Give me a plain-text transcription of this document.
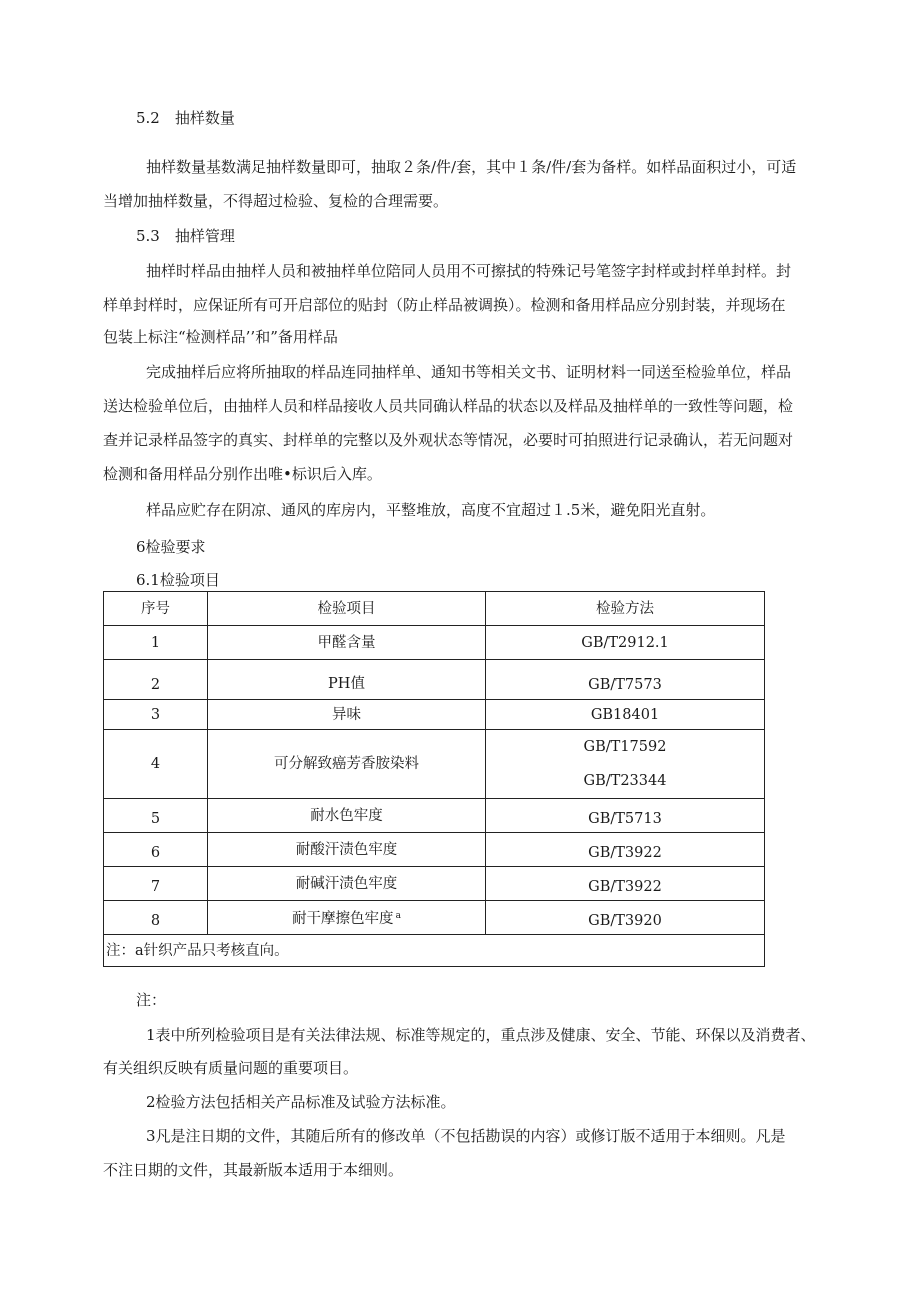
5.2　抽样数量
抽样数量基数满足抽样数量即可，抽取２条/件/套，其中１条/件/套为备样。如样品面积过小，可适
当增加抽样数量，不得超过检验、复检的合理需要。
5.3　抽样管理
抽样时样品由抽样人员和被抽样单位陪同人员用不可擦拭的特殊记号笔签字封样或封样单封样。封
样单封样时，应保证所有可开启部位的贴封（防止样品被调换）。检测和备用样品应分别封装，并现场在
包装上标注“检测样品’’和”备用样品
完成抽样后应将所抽取的样品连同抽样单、通知书等相关文书、证明材料一同送至检验单位，样品
送达检验单位后，由抽样人员和样品接收人员共同确认样品的状态以及样品及抽样单的一致性等问题，检
查并记录样品签字的真实、封样单的完整以及外观状态等情况，必要时可拍照进行记录确认，若无问题对
检测和备用样品分别作出唯•标识后入库。
样品应贮存在阴凉、通风的库房内，平整堆放，高度不宜超过１.5米，避免阳光直射。
6检验要求
6.1检验项目
序号	检验项目	检验方法
1	甲醛含量	GB/T2912.1
2	PH值	GB/T7573
3	异味	GB18401
4	可分解致癌芳香胺染料	GB/T17592
GB/T23344

5	耐水色牢度	GB/T5713
6	耐酸汗渍色牢度	GB/T3922
7	耐碱汗渍色牢度	GB/T3922
8	耐干摩擦色牢度 $^a$	GB/T3920
注：a针织产品只考核直向。		
注：
1表中所列检验项目是有关法律法规、标准等规定的，重点涉及健康、安全、节能、环保以及消费者、
有关组织反映有质量问题的重要项目。
2检验方法包括相关产品标准及试验方法标准。
3凡是注日期的文件，其随后所有的修改单（不包括勘误的内容）或修订版不适用于本细则。凡是
不注日期的文件，其最新版本适用于本细则。
